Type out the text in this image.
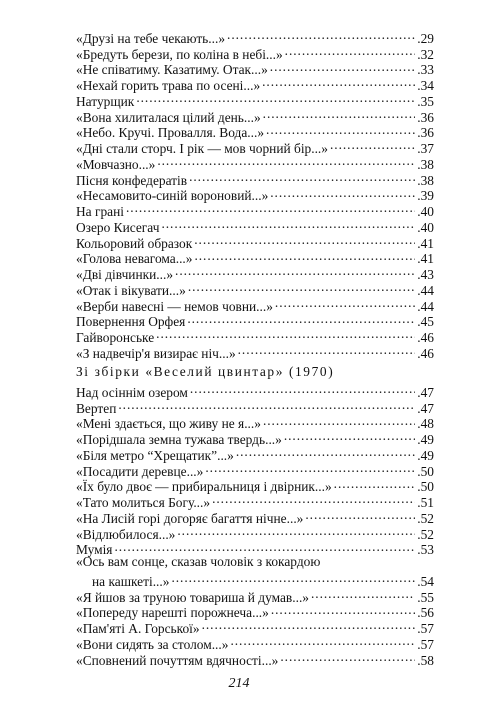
«Друзі на тебе чекають...» . . .	.29
«Бредуть берези, по коліна в небі...» . . .	.32
«Не співатиму. Казатиму. Отак...» . . .	.33
«Нехай горить трава по осені...» . . .	.34
Натурщик . . .	.35
«Вона хилиталася цілий день...» . . .	.36
«Небо. Кручі. Провалля. Вода...» . . .	.36
«Дні стали сторч. І рік — мов чорний бір...» . . .	.37
«Мовчазно...» . . .	.38
Пісня конфедератів . . .	.38
«Несамовито-синій вороновий...» . . .	.39
На грані . . .	.40
Озеро Кисегач . . .	.40
Кольоровий образок . . .	.41
«Голова невагома...» . . .	.41
«Дві дівчинки...» . . .	.43
«Отак і вікувати...» . . .	.44
«Верби навесні — немов човни...» . . .	.44
Повернення Орфея . . .	.45
Гайворонське . . .	.46
«З надвечір'я визирає ніч...» . . .	.46
Зі збірки «Веселий цвинтар» (1970)
Над осіннім озером . . .	.47
Вертеп . . .	.47
«Мені здається, що живу не я...» . . .	.48
«Порідшала земна тужава твердь...» . . .	.49
«Біля метро “Хрещатик”...» . . .	.49
«Посадити деревце...» . . .	.50
«Їх було двоє — прибиральниця і двірник...» . . .	.50
«Тато молиться Богу...» . . .	.51
«На Лисій горі догоряє багаття нічне...» . . .	.52
«Відлюбилося...» . . .	.52
Мумія . . .	.53
«Ось вам сонце, сказав чоловік з кокардою
на кашкеті...» . . .	.54
«Я йшов за труною товариша й думав...» . . .	.55
«Попереду нарешті порожнеча...» . . .	.56
«Пам'яті А. Горської» . . .	.57
«Вони сидять за столом...» . . .	.57
«Сповнений почуттям вдячності...» . . .	.58
214
